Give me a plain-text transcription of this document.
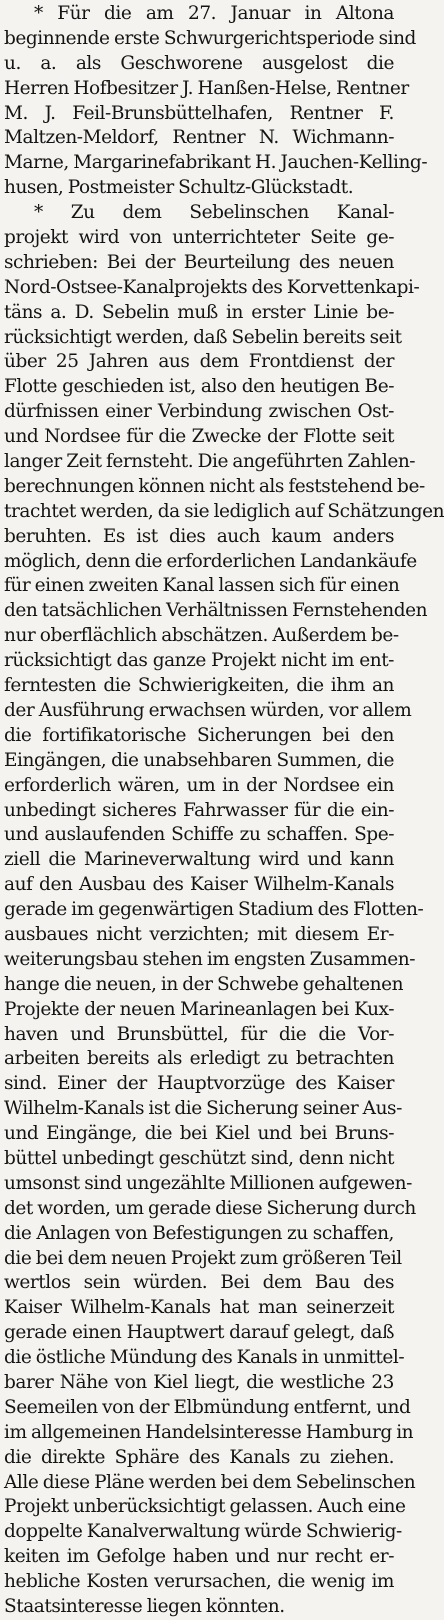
* Für die am 27. Januar in Altona
beginnende erste Schwurgerichtsperiode sind
u. a. als Geschworene ausgelost die
Herren Hofbesitzer J. Hanßen-Helse, Rentner
M. J. Feil-Brunsbüttelhafen, Rentner F.
Maltzen-Meldorf, Rentner N. Wichmann-
Marne, Margarinefabrikant H. Jauchen-Kelling-
husen, Postmeister Schultz-Glückstadt.
* Zu dem Sebelinschen Kanal-
projekt wird von unterrichteter Seite ge-
schrieben: Bei der Beurteilung des neuen
Nord-Ostsee-Kanalprojekts des Korvettenkapi-
täns a. D. Sebelin muß in erster Linie be-
rücksichtigt werden, daß Sebelin bereits seit
über 25 Jahren aus dem Frontdienst der
Flotte geschieden ist, also den heutigen Be-
dürfnissen einer Verbindung zwischen Ost-
und Nordsee für die Zwecke der Flotte seit
langer Zeit fernsteht. Die angeführten Zahlen-
berechnungen können nicht als feststehend be-
trachtet werden, da sie lediglich auf Schätzungen
beruhten. Es ist dies auch kaum anders
möglich, denn die erforderlichen Landankäufe
für einen zweiten Kanal lassen sich für einen
den tatsächlichen Verhältnissen Fernstehenden
nur oberflächlich abschätzen. Außerdem be-
rücksichtigt das ganze Projekt nicht im ent-
ferntesten die Schwierigkeiten, die ihm an
der Ausführung erwachsen würden, vor allem
die fortifikatorische Sicherungen bei den
Eingängen, die unabsehbaren Summen, die
erforderlich wären, um in der Nordsee ein
unbedingt sicheres Fahrwasser für die ein-
und auslaufenden Schiffe zu schaffen. Spe-
ziell die Marineverwaltung wird und kann
auf den Ausbau des Kaiser Wilhelm-Kanals
gerade im gegenwärtigen Stadium des Flotten-
ausbaues nicht verzichten; mit diesem Er-
weiterungsbau stehen im engsten Zusammen-
hange die neuen, in der Schwebe gehaltenen
Projekte der neuen Marineanlagen bei Kux-
haven und Brunsbüttel, für die die Vor-
arbeiten bereits als erledigt zu betrachten
sind. Einer der Hauptvorzüge des Kaiser
Wilhelm-Kanals ist die Sicherung seiner Aus-
und Eingänge, die bei Kiel und bei Bruns-
büttel unbedingt geschützt sind, denn nicht
umsonst sind ungezählte Millionen aufgewen-
det worden, um gerade diese Sicherung durch
die Anlagen von Befestigungen zu schaffen,
die bei dem neuen Projekt zum größeren Teil
wertlos sein würden. Bei dem Bau des
Kaiser Wilhelm-Kanals hat man seinerzeit
gerade einen Hauptwert darauf gelegt, daß
die östliche Mündung des Kanals in unmittel-
barer Nähe von Kiel liegt, die westliche 23
Seemeilen von der Elbmündung entfernt, und
im allgemeinen Handelsinteresse Hamburg in
die direkte Sphäre des Kanals zu ziehen.
Alle diese Pläne werden bei dem Sebelinschen
Projekt unberücksichtigt gelassen. Auch eine
doppelte Kanalverwaltung würde Schwierig-
keiten im Gefolge haben und nur recht er-
hebliche Kosten verursachen, die wenig im
Staatsinteresse liegen könnten.
